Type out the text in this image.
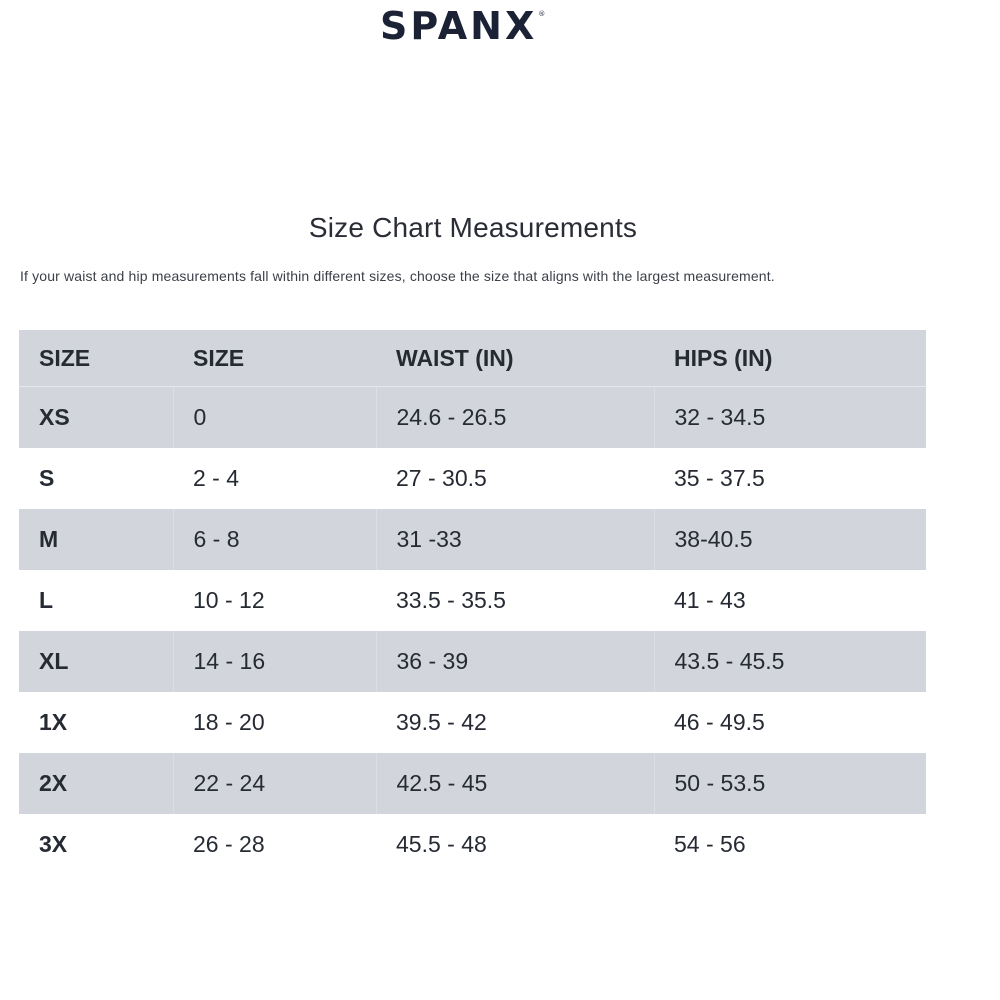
SPANX®
Size Chart Measurements

If your waist and hip measurements fall within different sizes, choose the size that aligns with the largest measurement.

SIZE	SIZE	WAIST (IN)	HIPS (IN)
XS	0	24.6 - 26.5	32 - 34.5
S	2 - 4	27 - 30.5	35 - 37.5
M	6 - 8	31 -33	38-40.5
L	10 - 12	33.5 - 35.5	41 - 43
XL	14 - 16	36 - 39	43.5 - 45.5
1X	18 - 20	39.5 - 42	46 - 49.5
2X	22 - 24	42.5 - 45	50 - 53.5
3X	26 - 28	45.5 - 48	54 - 56
